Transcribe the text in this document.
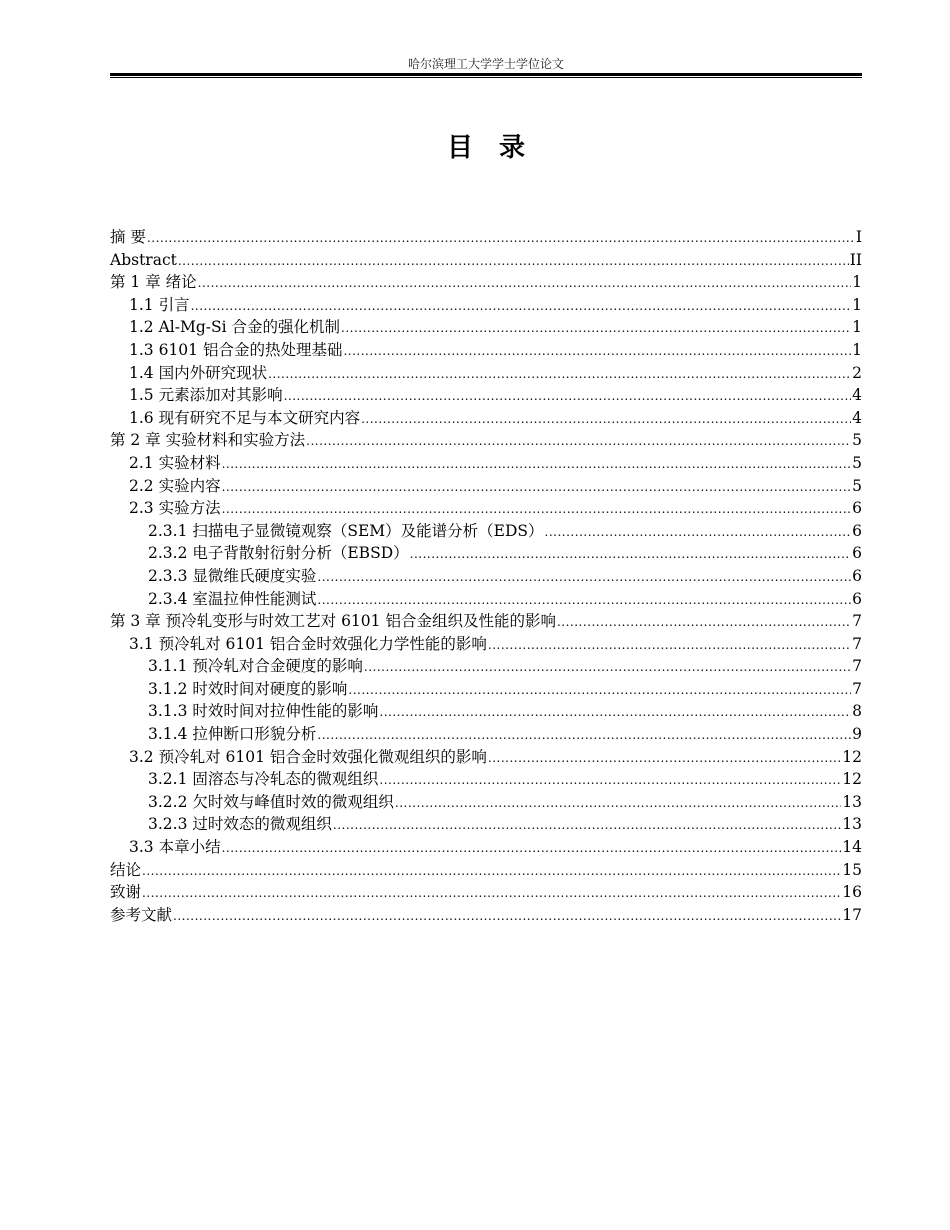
哈尔滨理工大学学士学位论文
目录
摘 要 .....	I
Abstract .....	II
第 1 章 绪论 .....	1
1.1 引言 .....	1
1.2 Al-Mg-Si 合金的强化机制 .....	1
1.3 6101 铝合金的热处理基础 .....	1
1.4 国内外研究现状 .....	2
1.5 元素添加对其影响 .....	4
1.6 现有研究不足与本文研究内容 .....	4
第 2 章 实验材料和实验方法 .....	5
2.1 实验材料 .....	5
2.2 实验内容 .....	5
2.3 实验方法 .....	6
2.3.1 扫描电子显微镜观察（SEM）及能谱分析（EDS） .....	6
2.3.2 电子背散射衍射分析（EBSD） .....	6
2.3.3 显微维氏硬度实验 .....	6
2.3.4 室温拉伸性能测试 .....	6
第 3 章 预冷轧变形与时效工艺对 6101 铝合金组织及性能的影响 .....	7
3.1 预冷轧对 6101 铝合金时效强化力学性能的影响 .....	7
3.1.1 预冷轧对合金硬度的影响 .....	7
3.1.2 时效时间对硬度的影响 .....	7
3.1.3 时效时间对拉伸性能的影响 .....	8
3.1.4 拉伸断口形貌分析 .....	9
3.2 预冷轧对 6101 铝合金时效强化微观组织的影响 .....	12
3.2.1 固溶态与冷轧态的微观组织 .....	12
3.2.2 欠时效与峰值时效的微观组织 .....	13
3.2.3 过时效态的微观组织 .....	13
3.3 本章小结 .....	14
结论 .....	15
致谢 .....	16
参考文献 .....	17
